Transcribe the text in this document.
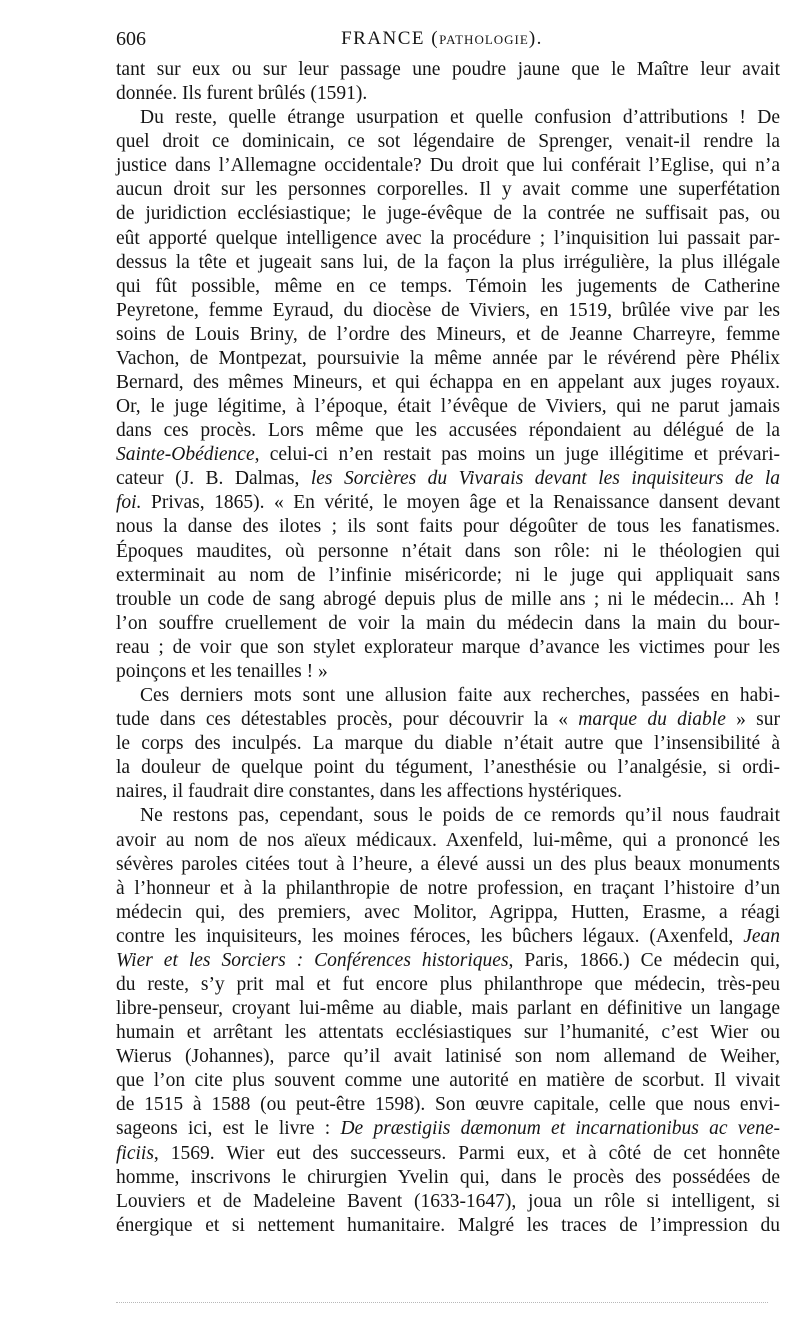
606	FRANCE (PATHOLOGIE).
tant sur eux ou sur leur passage une poudre jaune que le Maître leur avait
donnée. Ils furent brûlés (1591).
Du reste, quelle étrange usurpation et quelle confusion d’attributions ! De
quel droit ce dominicain, ce sot légendaire de Sprenger, venait-il rendre la
justice dans l’Allemagne occidentale? Du droit que lui conférait l’Eglise, qui n’a
aucun droit sur les personnes corporelles. Il y avait comme une superfétation
de juridiction ecclésiastique; le juge-évêque de la contrée ne suffisait pas, ou
eût apporté quelque intelligence avec la procédure ; l’inquisition lui passait par-
dessus la tête et jugeait sans lui, de la façon la plus irrégulière, la plus illégale
qui fût possible, même en ce temps. Témoin les jugements de Catherine
Peyretone, femme Eyraud, du diocèse de Viviers, en 1519, brûlée vive par les
soins de Louis Briny, de l’ordre des Mineurs, et de Jeanne Charreyre, femme
Vachon, de Montpezat, poursuivie la même année par le révérend père Phélix
Bernard, des mêmes Mineurs, et qui échappa en en appelant aux juges royaux.
Or, le juge légitime, à l’époque, était l’évêque de Viviers, qui ne parut jamais
dans ces procès. Lors même que les accusées répondaient au délégué de la
Sainte-Obédience, celui-ci n’en restait pas moins un juge illégitime et prévari-
cateur (J. B. Dalmas, les Sorcières du Vivarais devant les inquisiteurs de la
foi. Privas, 1865). « En vérité, le moyen âge et la Renaissance dansent devant
nous la danse des ilotes ; ils sont faits pour dégoûter de tous les fanatismes.
Époques maudites, où personne n’était dans son rôle: ni le théologien qui
exterminait au nom de l’infinie miséricorde; ni le juge qui appliquait sans
trouble un code de sang abrogé depuis plus de mille ans ; ni le médecin... Ah !
l’on souffre cruellement de voir la main du médecin dans la main du bour-
reau ; de voir que son stylet explorateur marque d’avance les victimes pour les
poinçons et les tenailles ! »
Ces derniers mots sont une allusion faite aux recherches, passées en habi-
tude dans ces détestables procès, pour découvrir la « marque du diable » sur
le corps des inculpés. La marque du diable n’était autre que l’insensibilité à
la douleur de quelque point du tégument, l’anesthésie ou l’analgésie, si ordi-
naires, il faudrait dire constantes, dans les affections hystériques.
Ne restons pas, cependant, sous le poids de ce remords qu’il nous faudrait
avoir au nom de nos aïeux médicaux. Axenfeld, lui-même, qui a prononcé les
sévères paroles citées tout à l’heure, a élevé aussi un des plus beaux monuments
à l’honneur et à la philanthropie de notre profession, en traçant l’histoire d’un
médecin qui, des premiers, avec Molitor, Agrippa, Hutten, Erasme, a réagi
contre les inquisiteurs, les moines féroces, les bûchers légaux. (Axenfeld, Jean
Wier et les Sorciers : Conférences historiques, Paris, 1866.) Ce médecin qui,
du reste, s’y prit mal et fut encore plus philanthrope que médecin, très-peu
libre-penseur, croyant lui-même au diable, mais parlant en définitive un langage
humain et arrêtant les attentats ecclésiastiques sur l’humanité, c’est Wier ou
Wierus (Johannes), parce qu’il avait latinisé son nom allemand de Weiher,
que l’on cite plus souvent comme une autorité en matière de scorbut. Il vivait
de 1515 à 1588 (ou peut-être 1598). Son œuvre capitale, celle que nous envi-
sageons ici, est le livre : De præstigiis dæmonum et incarnationibus ac vene-
ficiis, 1569. Wier eut des successeurs. Parmi eux, et à côté de cet honnête
homme, inscrivons le chirurgien Yvelin qui, dans le procès des possédées de
Louviers et de Madeleine Bavent (1633-1647), joua un rôle si intelligent, si
énergique et si nettement humanitaire. Malgré les traces de l’impression du
